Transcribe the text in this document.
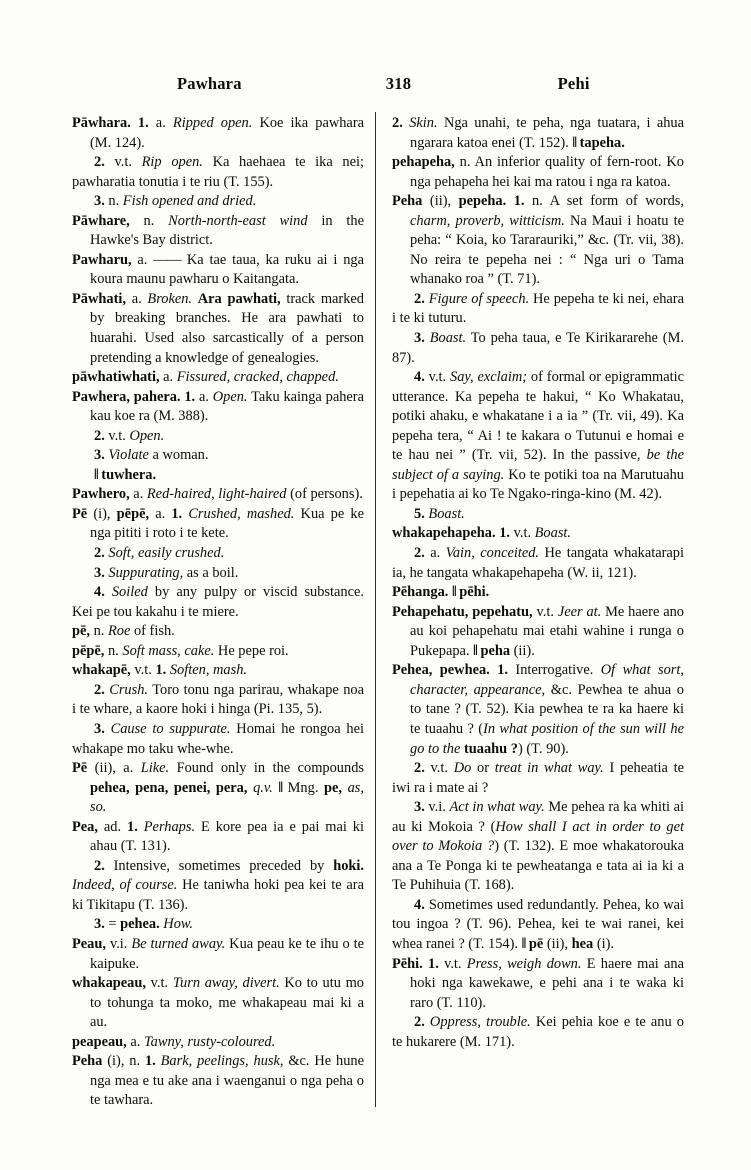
Pawhara	318	Pehi

Pāwhara. 1. a. Ripped open. Koe ika pawhara (M. 124).

2. v.t. Rip open. Ka haehaea te ika nei; pawharatia tonutia i te riu (T. 155).

3. n. Fish opened and dried.

Pāwhare, n. North-north-east wind in the Hawke's Bay district.

Pawharu, a. —— Ka tae taua, ka ruku ai i nga koura maunu pawharu o Kaitangata.

Pāwhati, a. Broken. Ara pawhati, track marked by breaking branches. He ara pawhati to huarahi. Used also sarcastically of a person pretending a knowledge of genealogies.

pāwhatiwhati, a. Fissured, cracked, chapped.

Pawhera, pahera. 1. a. Open. Taku kainga pahera kau koe ra (M. 388).

2. v.t. Open.

3. Violate a woman.

‖ tuwhera.

Pawhero, a. Red-haired, light-haired (of persons).

Pē (i), pēpē, a. 1. Crushed, mashed. Kua pe ke nga pititi i roto i te kete.

2. Soft, easily crushed.

3. Suppurating, as a boil.

4. Soiled by any pulpy or viscid substance. Kei pe tou kakahu i te miere.

pē, n. Roe of fish.

pēpē, n. Soft mass, cake. He pepe roi.

whakapē, v.t. 1. Soften, mash.

2. Crush. Toro tonu nga parirau, whakape noa i te whare, a kaore hoki i hinga (Pi. 135, 5).

3. Cause to suppurate. Homai he rongoa hei whakape mo taku whe-whe.

Pē (ii), a. Like. Found only in the compounds pehea, pena, penei, pera, q.v. ‖ Mng. pe, as, so.

Pea, ad. 1. Perhaps. E kore pea ia e pai mai ki ahau (T. 131).

2. Intensive, sometimes preceded by hoki. Indeed, of course. He taniwha hoki pea kei te ara ki Tikitapu (T. 136).

3. = pehea. How.

Peau, v.i. Be turned away. Kua peau ke te ihu o te kaipuke.

whakapeau, v.t. Turn away, divert. Ko to utu mo to tohunga ta moko, me whakapeau mai ki a au.

peapeau, a. Tawny, rusty-coloured.

Peha (i), n. 1. Bark, peelings, husk, &c. He hune nga mea e tu ake ana i waenganui o nga peha o te tawhara.

2. Skin. Nga unahi, te peha, nga tuatara, i ahua ngarara katoa enei (T. 152). ‖ tapeha.

pehapeha, n. An inferior quality of fern-root. Ko nga pehapeha hei kai ma ratou i nga ra katoa.

Peha (ii), pepeha. 1. n. A set form of words, charm, proverb, witticism. Na Maui i hoatu te peha: “ Koia, ko Tararauriki,” &c. (Tr. vii, 38). No reira te pepeha nei : “ Nga uri o Tama whanako roa ” (T. 71).

2. Figure of speech. He pepeha te ki nei, ehara i te ki tuturu.

3. Boast. To peha taua, e Te Kirikararehe (M. 87).

4. v.t. Say, exclaim; of formal or epigrammatic utterance. Ka pepeha te hakui, “ Ko Whakatau, potiki ahaku, e whakatane i a ia ” (Tr. vii, 49). Ka pepeha tera, “ Ai ! te kakara o Tutunui e homai e te hau nei ” (Tr. vii, 52). In the passive, be the subject of a saying. Ko te potiki toa na Marutuahu i pepehatia ai ko Te Ngako-ringa-kino (M. 42).

5. Boast.

whakapehapeha. 1. v.t. Boast.

2. a. Vain, conceited. He tangata whakatarapi ia, he tangata whakapehapeha (W. ii, 121).

Pēhanga. ‖ pēhi.

Pehapehatu, pepehatu, v.t. Jeer at. Me haere ano au koi pehapehatu mai etahi wahine i runga o Pukepapa. ‖ peha (ii).

Pehea, pewhea. 1. Interrogative. Of what sort, character, appearance, &c. Pewhea te ahua o to tane ? (T. 52). Kia pewhea te ra ka haere ki te tuaahu ? (In what position of the sun will he go to the tuaahu ?) (T. 90).

2. v.t. Do or treat in what way. I peheatia te iwi ra i mate ai ?

3. v.i. Act in what way. Me pehea ra ka whiti ai au ki Mokoia ? (How shall I act in order to get over to Mokoia ?) (T. 132). E moe whakatorouka ana a Te Ponga ki te pewheatanga e tata ai ia ki a Te Puhihuia (T. 168).

4. Sometimes used redundantly. Pehea, ko wai tou ingoa ? (T. 96). Pehea, kei te wai ranei, kei whea ranei ? (T. 154). ‖ pē (ii), hea (i).

Pēhi. 1. v.t. Press, weigh down. E haere mai ana hoki nga kawekawe, e pehi ana i te waka ki raro (T. 110).

2. Oppress, trouble. Kei pehia koe e te anu o te hukarere (M. 171).
